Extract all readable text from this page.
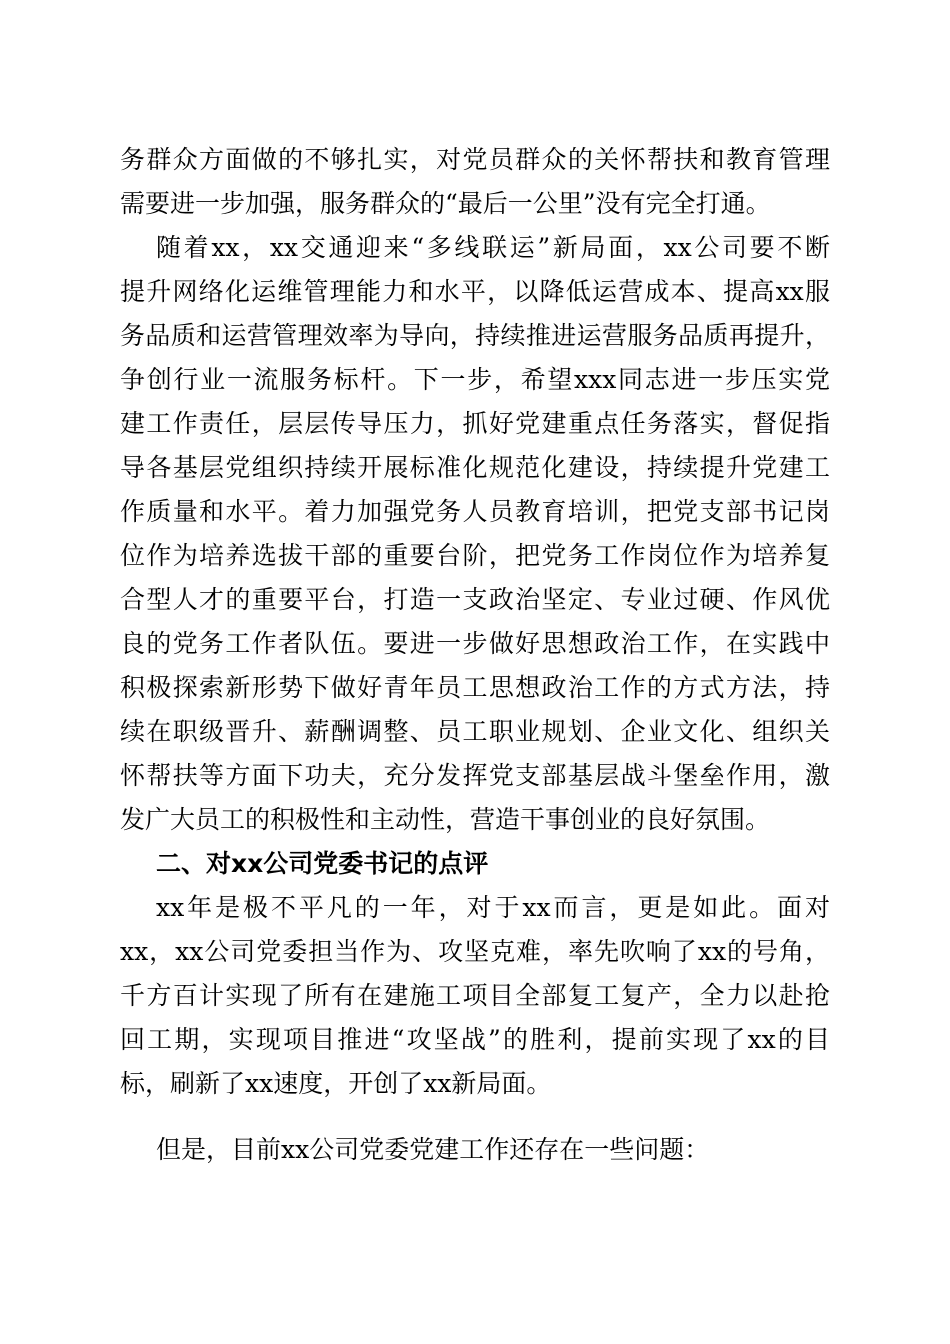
务群众方面做的不够扎实，对党员群众的关怀帮扶和教育管理
需要进一步加强，服务群众的“最后一公里”没有完全打通。
随着xx，xx交通迎来“多线联运”新局面，xx公司要不断
提升网络化运维管理能力和水平，以降低运营成本、提高xx服
务品质和运营管理效率为导向，持续推进运营服务品质再提升，
争创行业一流服务标杆。下一步，希望xxx同志进一步压实党
建工作责任，层层传导压力，抓好党建重点任务落实，督促指
导各基层党组织持续开展标准化规范化建设，持续提升党建工
作质量和水平。着力加强党务人员教育培训，把党支部书记岗
位作为培养选拔干部的重要台阶，把党务工作岗位作为培养复
合型人才的重要平台，打造一支政治坚定、专业过硬、作风优
良的党务工作者队伍。要进一步做好思想政治工作，在实践中
积极探索新形势下做好青年员工思想政治工作的方式方法，持
续在职级晋升、薪酬调整、员工职业规划、企业文化、组织关
怀帮扶等方面下功夫，充分发挥党支部基层战斗堡垒作用，激
发广大员工的积极性和主动性，营造干事创业的良好氛围。
二、对xx公司党委书记的点评
xx年是极不平凡的一年，对于xx而言，更是如此。面对
xx，xx公司党委担当作为、攻坚克难，率先吹响了xx的号角，
千方百计实现了所有在建施工项目全部复工复产，全力以赴抢
回工期，实现项目推进“攻坚战”的胜利，提前实现了xx的目
标，刷新了xx速度，开创了xx新局面。
但是，目前xx公司党委党建工作还存在一些问题：
